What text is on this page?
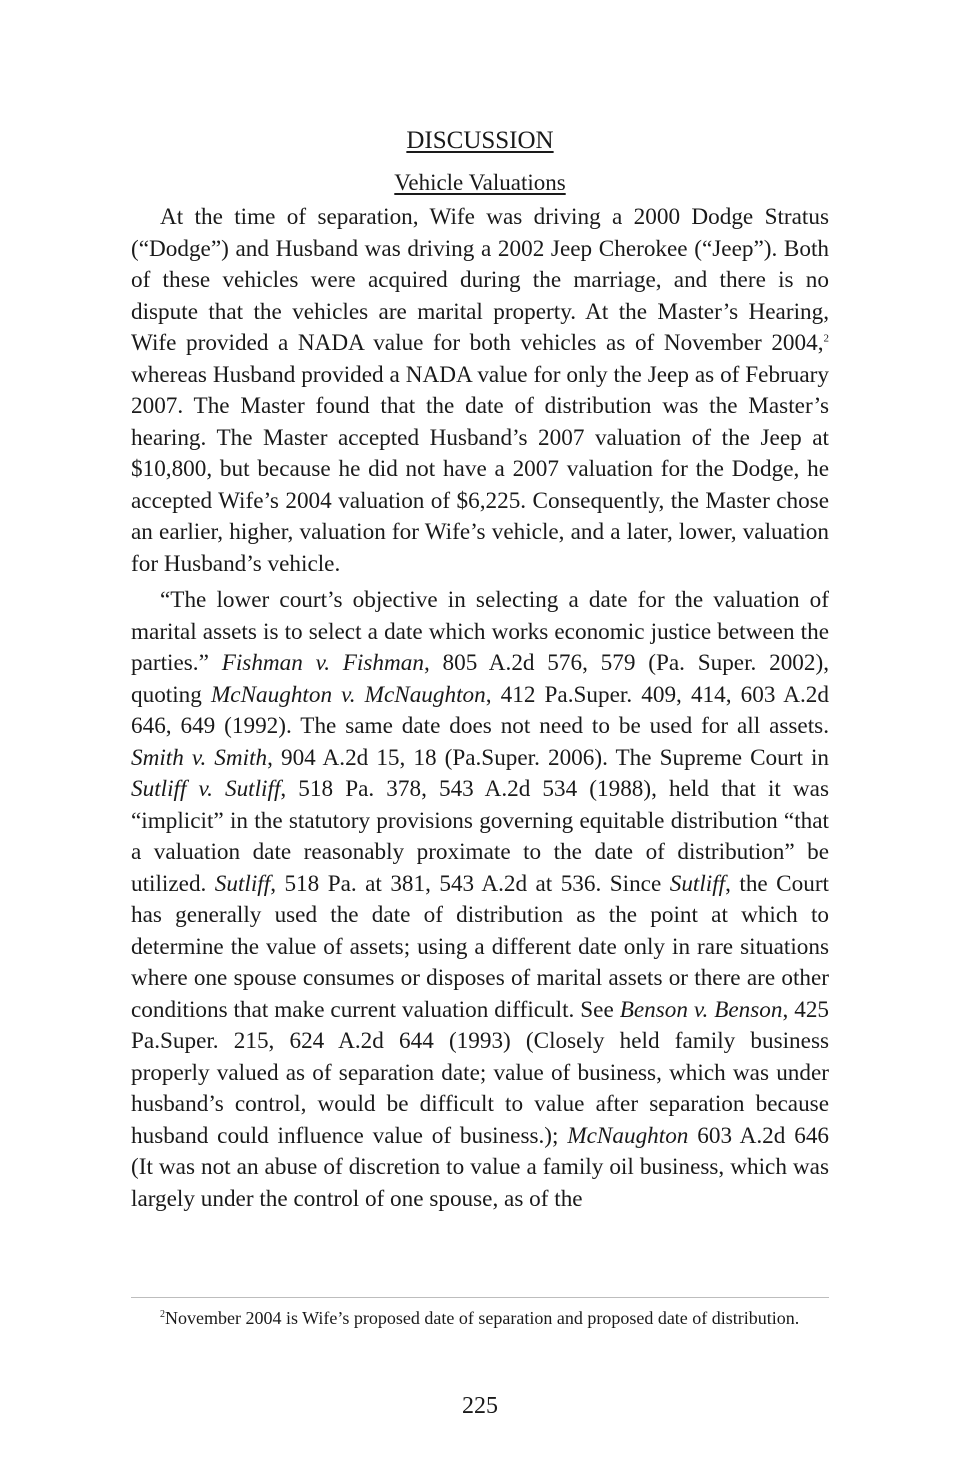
DISCUSSION
Vehicle Valuations

At the time of separation, Wife was driving a 2000 Dodge Stratus (“Dodge”) and Husband was driving a 2002 Jeep Cherokee (“Jeep”). Both of these vehicles were acquired during the marriage, and there is no dispute that the vehicles are marital property. At the Master’s Hearing, Wife provided a NADA value for both vehicles as of November 2004,$^2$ whereas Husband provided a NADA value for only the Jeep as of February 2007. The Master found that the date of distribution was the Master’s hearing. The Master accepted Husband’s 2007 valuation of the Jeep at $10,800, but because he did not have a 2007 valuation for the Dodge, he accepted Wife’s 2004 valuation of $6,225. Consequently, the Master chose an earlier, higher, valuation for Wife’s vehicle, and a later, lower, valuation for Husband’s vehicle.

“The lower court’s objective in selecting a date for the valuation of marital assets is to select a date which works economic justice between the parties.” Fishman v. Fishman, 805 A.2d 576, 579 (Pa. Super. 2002), quoting McNaughton v. McNaughton, 412 Pa.Super. 409, 414, 603 A.2d 646, 649 (1992). The same date does not need to be used for all assets. Smith v. Smith, 904 A.2d 15, 18 (Pa.Super. 2006). The Supreme Court in Sutliff v. Sutliff, 518 Pa. 378, 543 A.2d 534 (1988), held that it was “implicit” in the statutory provisions governing equitable distribution “that a valuation date reasonably proximate to the date of distribution” be utilized. Sutliff, 518 Pa. at 381, 543 A.2d at 536. Since Sutliff, the Court has generally used the date of distribution as the point at which to determine the value of assets; using a different date only in rare situations where one spouse consumes or disposes of marital assets or there are other conditions that make current valuation difficult. See Benson v. Benson, 425 Pa.Super. 215, 624 A.2d 644 (1993) (Closely held family business properly valued as of separation date; value of business, which was under husband’s control, would be difficult to value after separation because husband could influence value of business.); McNaughton 603 A.2d 646 (It was not an abuse of discretion to value a family oil business, which was largely under the control of one spouse, as of the

$^2$November 2004 is Wife’s proposed date of separation and proposed date of distribution.

225
